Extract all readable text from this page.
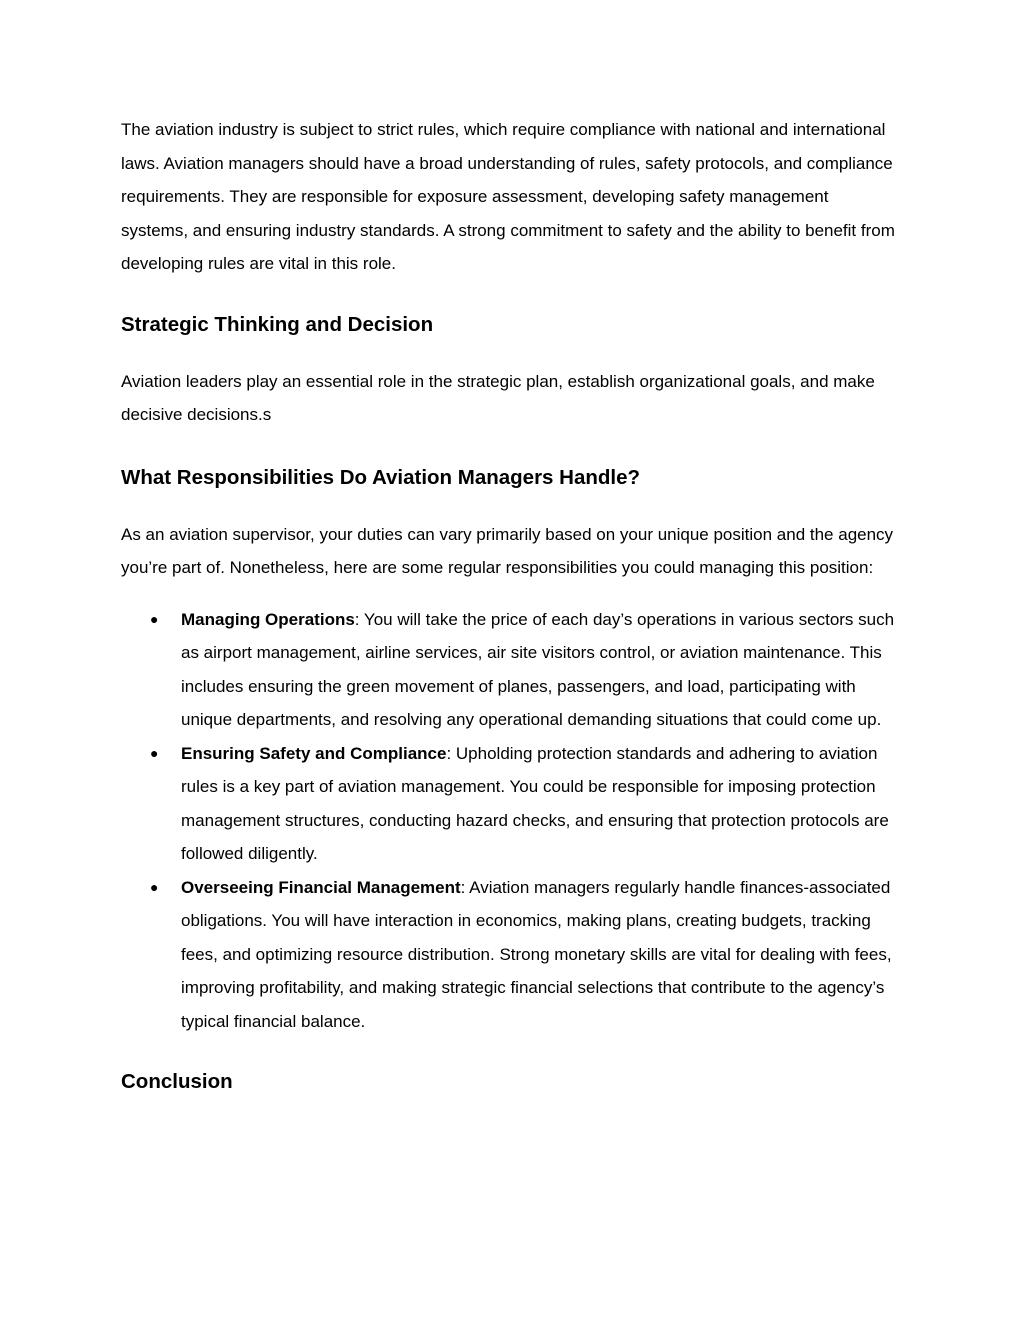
The aviation industry is subject to strict rules, which require compliance with national and international laws. Aviation managers should have a broad understanding of rules, safety protocols, and compliance requirements. They are responsible for exposure assessment, developing safety management systems, and ensuring industry standards. A strong commitment to safety and the ability to benefit from developing rules are vital in this role.

Strategic Thinking and Decision

Aviation leaders play an essential role in the strategic plan, establish organizational goals, and make decisive decisions.s

What Responsibilities Do Aviation Managers Handle?

As an aviation supervisor, your duties can vary primarily based on your unique position and the agency you’re part of. Nonetheless, here are some regular responsibilities you could managing this position:

● Managing Operations: You will take the price of each day’s operations in various sectors such as airport management, airline services, air site visitors control, or aviation maintenance. This includes ensuring the green movement of planes, passengers, and load, participating with unique departments, and resolving any operational demanding situations that could come up.
● Ensuring Safety and Compliance: Upholding protection standards and adhering to aviation rules is a key part of aviation management. You could be responsible for imposing protection management structures, conducting hazard checks, and ensuring that protection protocols are followed diligently.
● Overseeing Financial Management: Aviation managers regularly handle finances-associated obligations. You will have interaction in economics, making plans, creating budgets, tracking fees, and optimizing resource distribution. Strong monetary skills are vital for dealing with fees, improving profitability, and making strategic financial selections that contribute to the agency’s typical financial balance.
Conclusion
